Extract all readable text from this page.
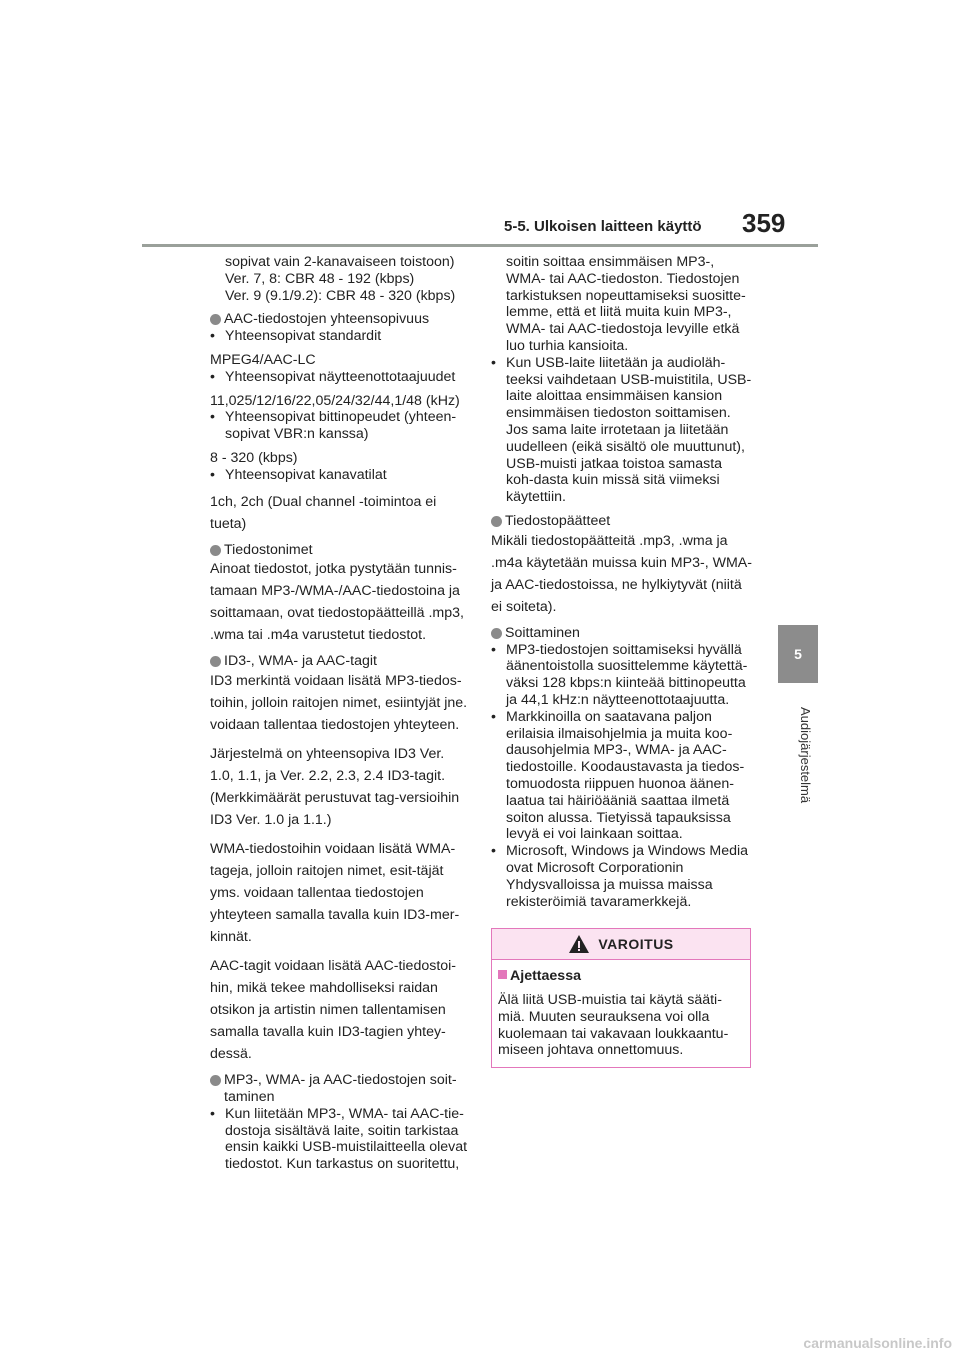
5-5. Ulkoisen laitteen käyttö 359
5
Audiojärjestelmä

sopivat vain 2-kanavaiseen toistoon)

Ver. 7, 8: CBR 48 - 192 (kbps)

Ver. 9 (9.1/9.2): CBR 48 - 320 (kbps)

AAC-tiedostojen yhteensopivuus
• Yhteensopivat standardit

MPEG4/AAC-LC

• Yhteensopivat näytteenottotaajuudet

11,025/12/16/22,05/24/32/44,1/48 (kHz)

• Yhteensopivat bittinopeudet (yhteen-sopivat VBR:n kanssa)

8 - 320 (kbps)

• Yhteensopivat kanavatilat

1ch, 2ch (Dual channel -toimintoa ei tueta)

Tiedostonimet

Ainoat tiedostot, jotka pystytään tunnis-tamaan MP3-/WMA-/AAC-tiedostoina ja soittamaan, ovat tiedostopäätteillä .mp3, .wma tai .m4a varustetut tiedostot.

ID3-, WMA- ja AAC-tagit

ID3 merkintä voidaan lisätä MP3-tiedos-toihin, jolloin raitojen nimet, esiintyjät jne. voidaan tallentaa tiedostojen yhteyteen.

Järjestelmä on yhteensopiva ID3 Ver. 1.0, 1.1, ja Ver. 2.2, 2.3, 2.4 ID3-tagit. (Merkkimäärät perustuvat tag-versioihin ID3 Ver. 1.0 ja 1.1.)

WMA-tiedostoihin voidaan lisätä WMA-tageja, jolloin raitojen nimet, esit-täjät yms. voidaan tallentaa tiedostojen yhteyteen samalla tavalla kuin ID3-mer-kinnät.

AAC-tagit voidaan lisätä AAC-tiedostoi-hin, mikä tekee mahdolliseksi raidan otsikon ja artistin nimen tallentamisen samalla tavalla kuin ID3-tagien yhtey-dessä.

MP3-, WMA- ja AAC-tiedostojen soit-taminen
• Kun liitetään MP3-, WMA- tai AAC-tie-dostoja sisältävä laite, soitin tarkistaa ensin kaikki USB-muistilaitteella olevat tiedostot. Kun tarkastus on suoritettu,

soitin soittaa ensimmäisen MP3-, WMA- tai AAC-tiedoston. Tiedostojen tarkistuksen nopeuttamiseksi suositte-lemme, että et liitä muita kuin MP3-, WMA- tai AAC-tiedostoja levyille etkä luo turhia kansioita.

• Kun USB-laite liitetään ja audioläh-teeksi vaihdetaan USB-muistitila, USB-laite aloittaa ensimmäisen kansion ensimmäisen tiedoston soittamisen. Jos sama laite irrotetaan ja liitetään uudelleen (eikä sisältö ole muuttunut), USB-muisti jatkaa toistoa samasta koh-dasta kuin missä sitä viimeksi käytettiin.
Tiedostopäätteet

Mikäli tiedostopäätteitä .mp3, .wma ja .m4a käytetään muissa kuin MP3-, WMA- ja AAC-tiedostoissa, ne hylkiytyvät (niitä ei soiteta).

Soittaminen
• MP3-tiedostojen soittamiseksi hyvällä äänentoistolla suosittelemme käytettä-väksi 128 kbps:n kiinteää bittinopeutta ja 44,1 kHz:n näytteenottotaajuutta.
• Markkinoilla on saatavana paljon erilaisia ilmaisohjelmia ja muita koo-dausohjelmia MP3-, WMA- ja AAC-tiedostoille. Koodaustavasta ja tiedos-tomuodosta riippuen huonoa äänen-laatua tai häiriöääniä saattaa ilmetä soiton alussa. Tietyissä tapauksissa levyä ei voi lainkaan soittaa.
• Microsoft, Windows ja Windows Media ovat Microsoft Corporationin Yhdysvalloissa ja muissa maissa rekisteröimiä tavaramerkkejä.
VAROITUS

Ajettaessa

Älä liitä USB-muistia tai käytä sääti-miä. Muuten seurauksena voi olla kuolemaan tai vakavaan loukkaantu-miseen johtava onnettomuus.

carmanualsonline.info
